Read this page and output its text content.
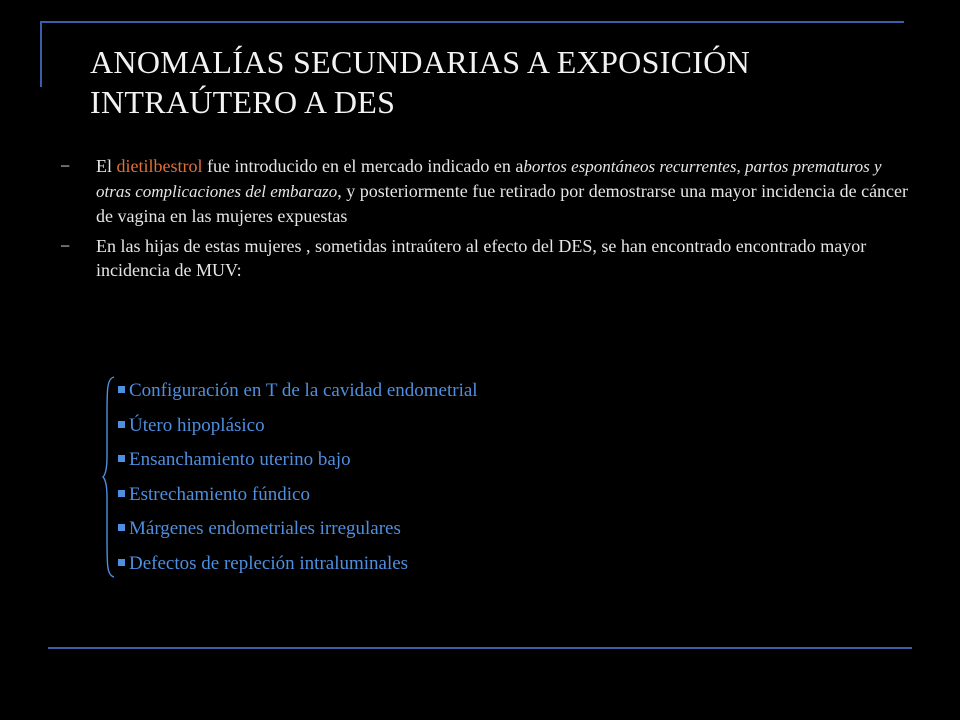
ANOMALÍAS SECUNDARIAS A EXPOSICIÓN INTRAÚTERO A DES
− El dietilbestrol fue introducido en el mercado indicado en abortos espontáneos recurrentes, partos prematuros y otras complicaciones del embarazo, y posteriormente fue retirado por demostrarse una mayor incidencia de cáncer de vagina en las mujeres expuestas
− En las hijas de estas mujeres , sometidas intraútero al efecto del DES, se han encontrado encontrado mayor incidencia de MUV:
Configuración en T de la cavidad endometrial
Útero hipoplásico
Ensanchamiento uterino bajo
Estrechamiento fúndico
Márgenes endometriales irregulares
Defectos de repleción intraluminales
